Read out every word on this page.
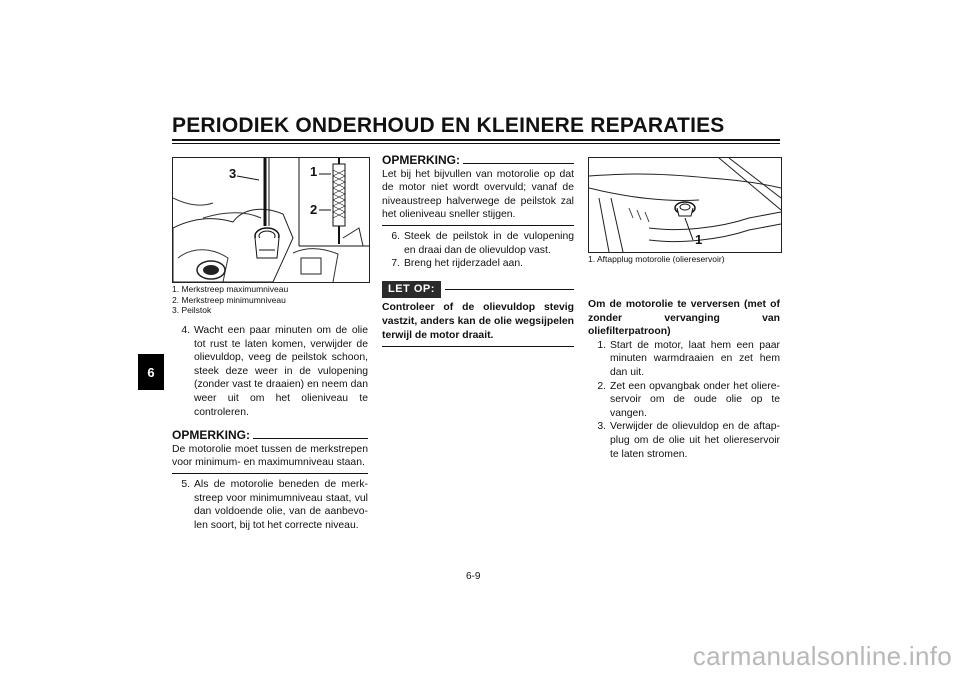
PERIODIEK ONDERHOUD EN KLEINERE REPARATIES
6
3	1
2
1. Merkstreep maximumniveau
2. Merkstreep minimumniveau
3. Peilstok
4. Wacht een paar minuten om de olie tot rust te laten komen, verwijder de olievuldop, veeg de peilstok schoon, steek deze weer in de vulopening (zonder vast te draaien) en neem dan weer uit om het olieniveau te controleren.
OPMERKING:
De motorolie moet tussen de merkstrepen voor minimum- en maximumniveau staan.
5. Als de motorolie beneden de merkstreep voor minimumniveau staat, vul dan voldoende olie, van de aanbevolen soort, bij tot het correcte niveau.
OPMERKING:
Let bij het bijvullen van motorolie op dat de motor niet wordt overvuld; vanaf de niveaustreep halverwege de peilstok zal het olieniveau sneller stijgen.
6. Steek de peilstok in de vulopening en draai dan de olievuldop vast.
7. Breng het rijderzadel aan.
LET OP:
Controleer of de olievuldop stevig vastzit, anders kan de olie wegsijpelen terwijl de motor draait.
1
1. Aftapplug motorolie (oliereservoir)
Om de motorolie te verversen (met of zonder vervanging van oliefilterpatroon)
1. Start de motor, laat hem een paar minuten warmdraaien en zet hem dan uit.
2. Zet een opvangbak onder het oliereservoir om de oude olie op te vangen.
3. Verwijder de olievuldop en de aftapplug om de olie uit het oliereservoir te laten stromen.
6-9
carmanualsonline.info
